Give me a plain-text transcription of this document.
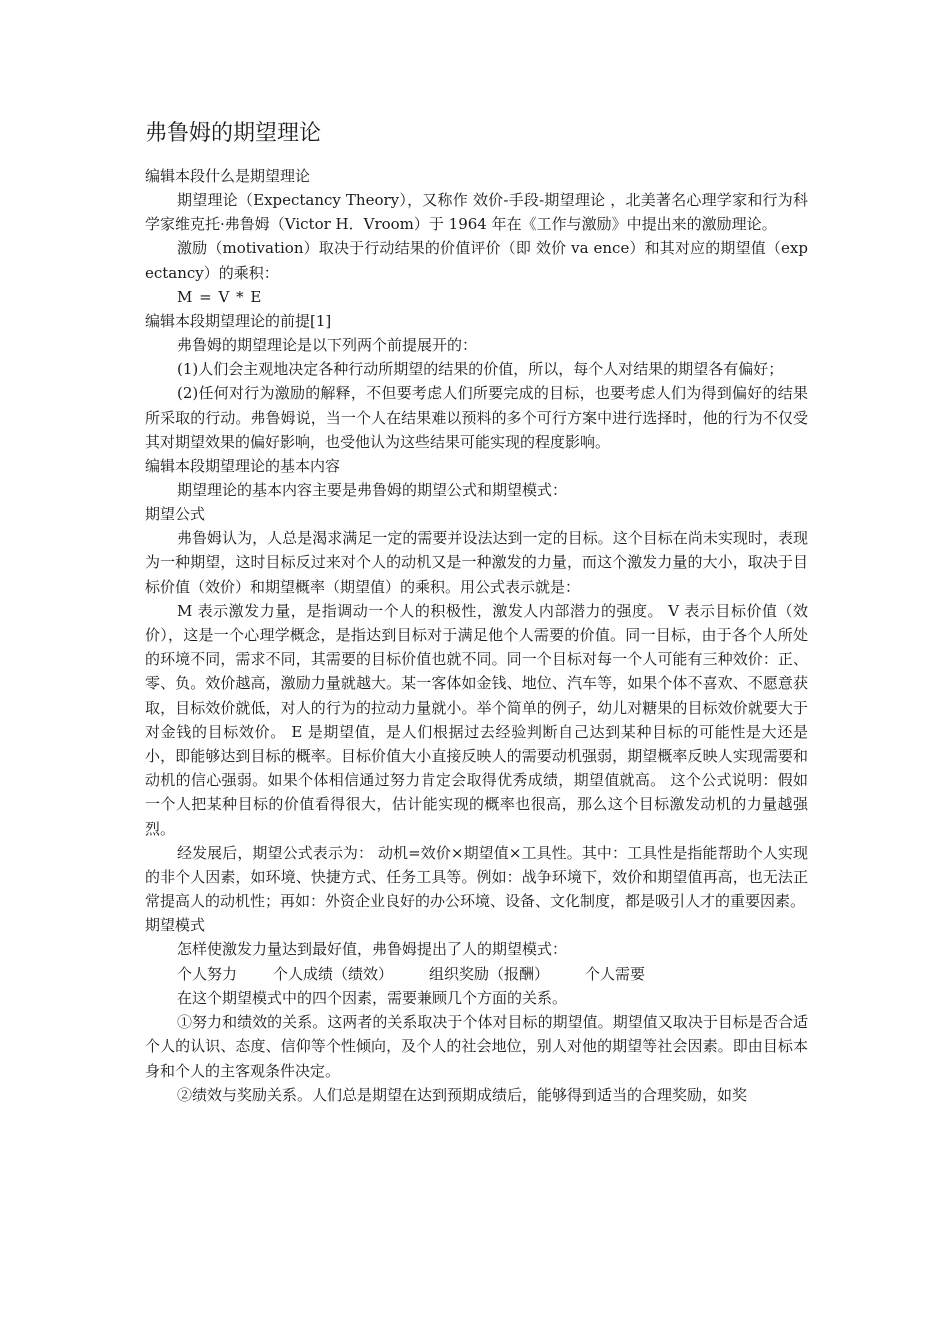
弗鲁姆的期望理论
编辑本段什么是期望理论

期望理论（Expectancy Theory），又称作 效价-手段-期望理论 ，北美著名心理学家和行为科学家维克托·弗鲁姆（Victor H．Vroom）于 1964 年在《工作与激励》中提出来的激励理论。

激励（motivation）取决于行动结果的价值评价（即 效价 va ence）和其对应的期望值（expectancy）的乘积：

M = V * E

编辑本段期望理论的前提[1]

弗鲁姆的期望理论是以下列两个前提展开的：

(1)人们会主观地决定各种行动所期望的结果的价值，所以，每个人对结果的期望各有偏好；

(2)任何对行为激励的解释，不但要考虑人们所要完成的目标，也要考虑人们为得到偏好的结果所采取的行动。弗鲁姆说，当一个人在结果难以预料的多个可行方案中进行选择时，他的行为不仅受其对期望效果的偏好影响，也受他认为这些结果可能实现的程度影响。

编辑本段期望理论的基本内容

期望理论的基本内容主要是弗鲁姆的期望公式和期望模式：

期望公式

弗鲁姆认为，人总是渴求满足一定的需要并设法达到一定的目标。这个目标在尚未实现时，表现为一种期望，这时目标反过来对个人的动机又是一种激发的力量，而这个激发力量的大小，取决于目标价值（效价）和期望概率（期望值）的乘积。用公式表示就是：

M 表示激发力量，是指调动一个人的积极性，激发人内部潜力的强度。 V 表示目标价值（效价），这是一个心理学概念，是指达到目标对于满足他个人需要的价值。同一目标，由于各个人所处的环境不同，需求不同，其需要的目标价值也就不同。同一个目标对每一个人可能有三种效价：正、零、负。效价越高，激励力量就越大。某一客体如金钱、地位、汽车等，如果个体不喜欢、不愿意获取，目标效价就低，对人的行为的拉动力量就小。举个简单的例子，幼儿对糖果的目标效价就要大于对金钱的目标效价。 E 是期望值，是人们根据过去经验判断自己达到某种目标的可能性是大还是小，即能够达到目标的概率。目标价值大小直接反映人的需要动机强弱，期望概率反映人实现需要和动机的信心强弱。如果个体相信通过努力肯定会取得优秀成绩，期望值就高。 这个公式说明：假如一个人把某种目标的价值看得很大，估计能实现的概率也很高，那么这个目标激发动机的力量越强烈。

经发展后，期望公式表示为： 动机=效价×期望值×工具性。其中：工具性是指能帮助个人实现的非个人因素，如环境、快捷方式、任务工具等。例如：战争环境下，效价和期望值再高，也无法正常提高人的动机性；再如：外资企业良好的办公环境、设备、文化制度，都是吸引人才的重要因素。

期望模式

怎样使激发力量达到最好值，弗鲁姆提出了人的期望模式：

个人努力 个人成绩（绩效） 组织奖励（报酬） 个人需要

在这个期望模式中的四个因素，需要兼顾几个方面的关系。

①努力和绩效的关系。这两者的关系取决于个体对目标的期望值。期望值又取决于目标是否合适个人的认识、态度、信仰等个性倾向，及个人的社会地位，别人对他的期望等社会因素。即由目标本身和个人的主客观条件决定。

②绩效与奖励关系。人们总是期望在达到预期成绩后，能够得到适当的合理奖励，如奖
